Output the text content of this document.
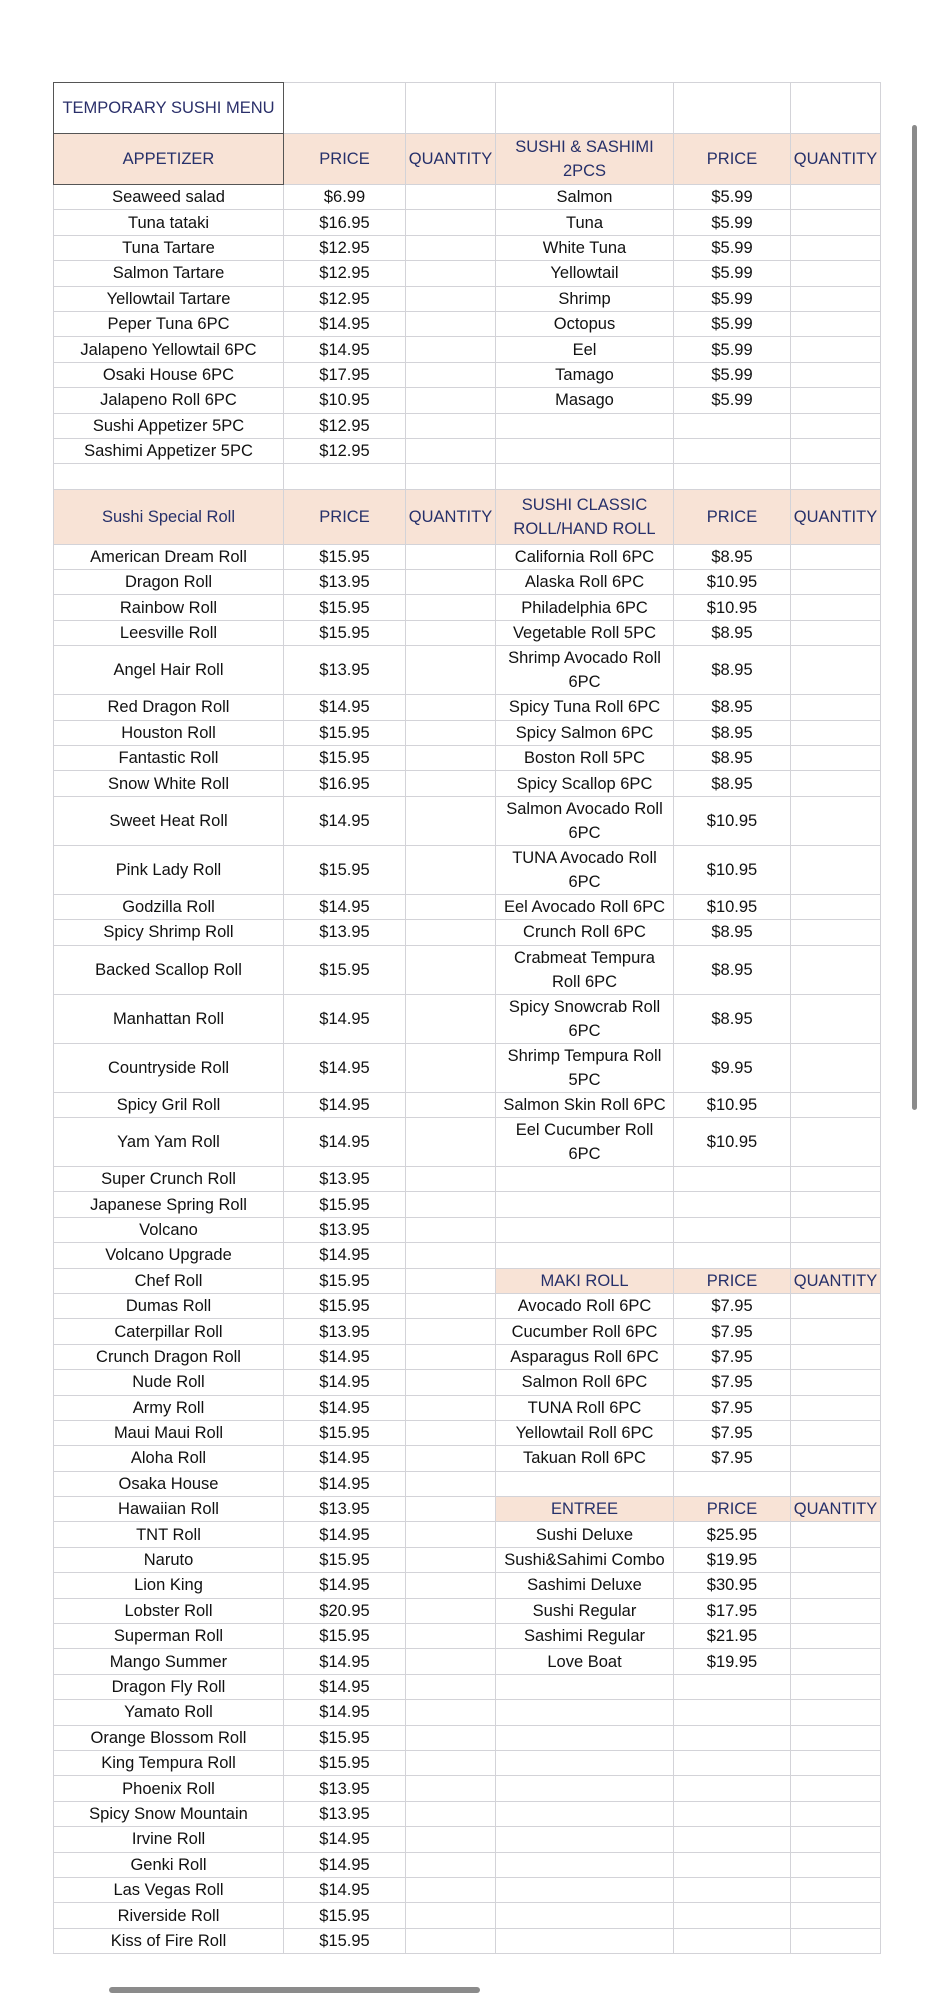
TEMPORARY SUSHI MENU					
APPETIZER	PRICE	QUANTITY	SUSHI & SASHIMI 2PCS	PRICE	QUANTITY
Seaweed salad	$6.99		Salmon	$5.99	
Tuna tataki	$16.95		Tuna	$5.99	
Tuna Tartare	$12.95		White Tuna	$5.99	
Salmon Tartare	$12.95		Yellowtail	$5.99	
Yellowtail Tartare	$12.95		Shrimp	$5.99	
Peper Tuna 6PC	$14.95		Octopus	$5.99	
Jalapeno Yellowtail 6PC	$14.95		Eel	$5.99	
Osaki House 6PC	$17.95		Tamago	$5.99	
Jalapeno Roll 6PC	$10.95		Masago	$5.99	
Sushi Appetizer 5PC	$12.95				
Sashimi Appetizer 5PC	$12.95				

Sushi Special Roll	PRICE	QUANTITY	SUSHI CLASSIC ROLL/HAND ROLL	PRICE	QUANTITY
American Dream Roll	$15.95		California Roll 6PC	$8.95	
Dragon Roll	$13.95		Alaska Roll 6PC	$10.95	
Rainbow Roll	$15.95		Philadelphia 6PC	$10.95	
Leesville Roll	$15.95		Vegetable Roll 5PC	$8.95	
Angel Hair Roll	$13.95		Shrimp Avocado Roll 6PC	$8.95	
Red Dragon Roll	$14.95		Spicy Tuna Roll 6PC	$8.95	
Houston Roll	$15.95		Spicy Salmon 6PC	$8.95	
Fantastic Roll	$15.95		Boston Roll 5PC	$8.95	
Snow White Roll	$16.95		Spicy Scallop 6PC	$8.95	
Sweet Heat Roll	$14.95		Salmon Avocado Roll 6PC	$10.95	
Pink Lady Roll	$15.95		TUNA Avocado Roll 6PC	$10.95	
Godzilla Roll	$14.95		Eel Avocado Roll 6PC	$10.95	
Spicy Shrimp Roll	$13.95		Crunch Roll 6PC	$8.95	
Backed Scallop Roll	$15.95		Crabmeat Tempura Roll 6PC	$8.95	
Manhattan Roll	$14.95		Spicy Snowcrab Roll 6PC	$8.95	
Countryside Roll	$14.95		Shrimp Tempura Roll 5PC	$9.95	
Spicy Gril Roll	$14.95		Salmon Skin Roll 6PC	$10.95	
Yam Yam Roll	$14.95		Eel Cucumber Roll 6PC	$10.95	
Super Crunch Roll	$13.95				
Japanese Spring Roll	$15.95				
Volcano	$13.95				
Volcano Upgrade	$14.95				
Chef Roll	$15.95		MAKI ROLL	PRICE	QUANTITY
Dumas Roll	$15.95		Avocado Roll 6PC	$7.95	
Caterpillar Roll	$13.95		Cucumber Roll 6PC	$7.95	
Crunch Dragon Roll	$14.95		Asparagus Roll 6PC	$7.95	
Nude Roll	$14.95		Salmon Roll 6PC	$7.95	
Army Roll	$14.95		TUNA Roll 6PC	$7.95	
Maui Maui Roll	$15.95		Yellowtail Roll 6PC	$7.95	
Aloha Roll	$14.95		Takuan Roll 6PC	$7.95	
Osaka House	$14.95				
Hawaiian Roll	$13.95		ENTREE	PRICE	QUANTITY
TNT Roll	$14.95		Sushi Deluxe	$25.95	
Naruto	$15.95		Sushi&Sahimi Combo	$19.95	
Lion King	$14.95		Sashimi Deluxe	$30.95	
Lobster Roll	$20.95		Sushi Regular	$17.95	
Superman Roll	$15.95		Sashimi Regular	$21.95	
Mango Summer	$14.95		Love Boat	$19.95	
Dragon Fly Roll	$14.95				
Yamato Roll	$14.95				
Orange Blossom Roll	$15.95				
King Tempura Roll	$15.95				
Phoenix Roll	$13.95				
Spicy Snow Mountain	$13.95				
Irvine Roll	$14.95				
Genki Roll	$14.95				
Las Vegas Roll	$14.95				
Riverside Roll	$15.95				
Kiss of Fire Roll	$15.95				
